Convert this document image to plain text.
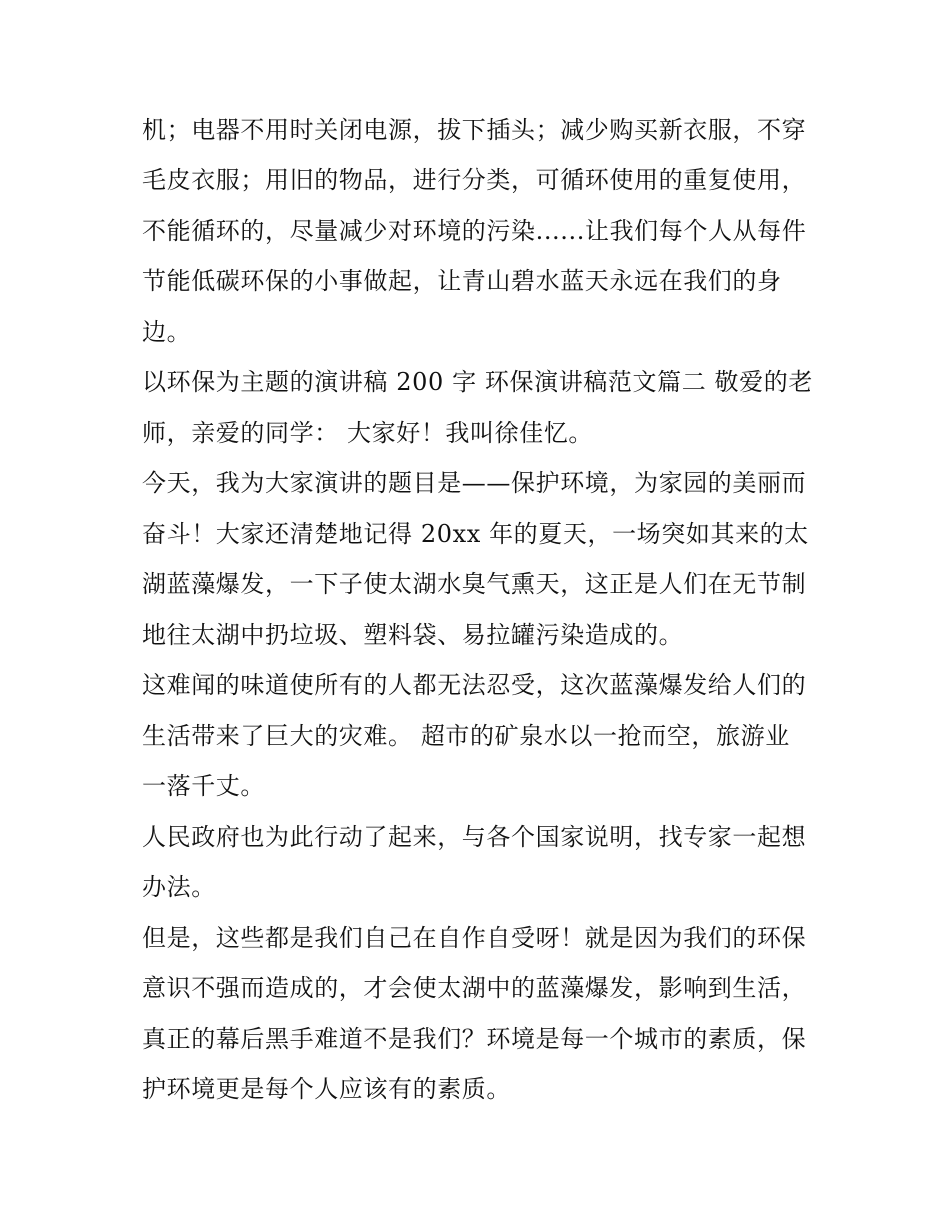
机；电器不用时关闭电源，拔下插头；减少购买新衣服，不穿
毛皮衣服；用旧的物品，进行分类，可循环使用的重复使用，
不能循环的，尽量减少对环境的污染......让我们每个人从每件
节能低碳环保的小事做起，让青山碧水蓝天永远在我们的身
边。
以环保为主题的演讲稿 200 字 环保演讲稿范文篇二 敬爱的老
师，亲爱的同学： 大家好！我叫徐佳忆。
今天，我为大家演讲的题目是——保护环境，为家园的美丽而
奋斗！大家还清楚地记得 20xx 年的夏天，一场突如其来的太
湖蓝藻爆发，一下子使太湖水臭气熏天，这正是人们在无节制
地往太湖中扔垃圾、塑料袋、易拉罐污染造成的。
这难闻的味道使所有的人都无法忍受，这次蓝藻爆发给人们的
生活带来了巨大的灾难。 超市的矿泉水以一抢而空，旅游业
一落千丈。
人民政府也为此行动了起来，与各个国家说明，找专家一起想
办法。
但是，这些都是我们自己在自作自受呀！就是因为我们的环保
意识不强而造成的，才会使太湖中的蓝藻爆发，影响到生活，
真正的幕后黑手难道不是我们？环境是每一个城市的素质，保
护环境更是每个人应该有的素质。
